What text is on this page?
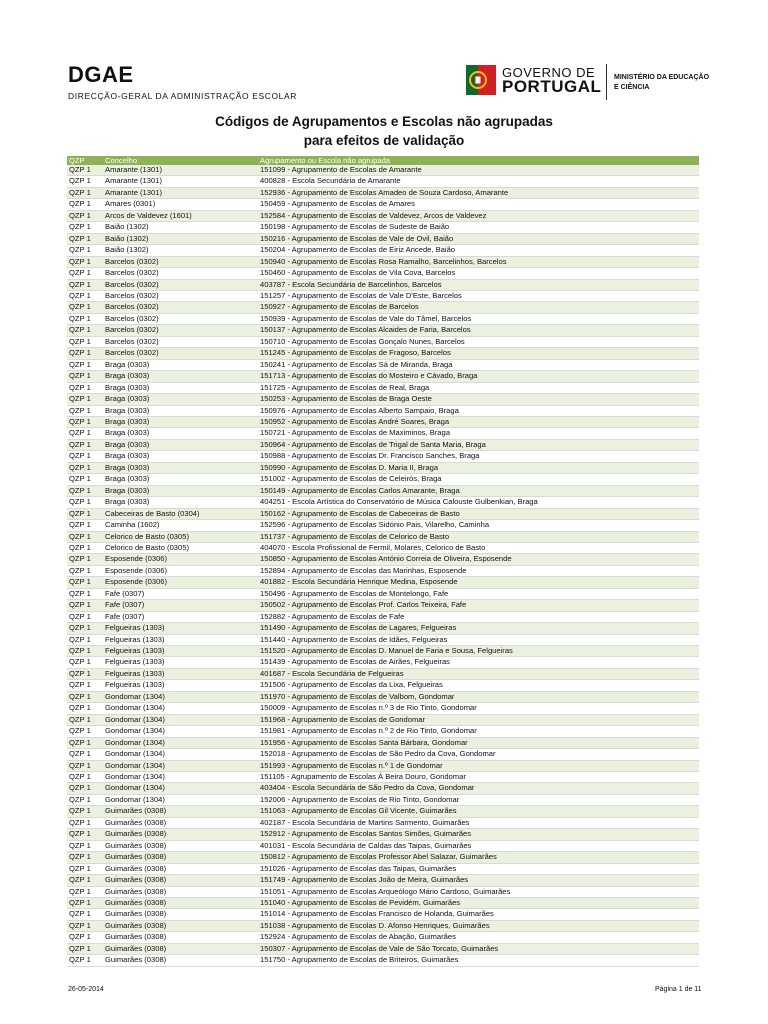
DGAE
DIRECÇÃO-GERAL DA ADMINISTRAÇÃO ESCOLAR
GOVERNO DE
PORTUGAL MINISTÉRIO DA EDUCAÇÃO
E CIÊNCIA
Códigos de Agrupamentos e Escolas não agrupadas
para efeitos de validação
QZP	Concelho	Agrupamento ou Escola não agrupada
QZP 1	Amarante (1301)	151099 - Agrupamento de Escolas de Amarante
QZP 1	Amarante (1301)	400828 - Escola Secundária de Amarante
QZP 1	Amarante (1301)	152936 - Agrupamento de Escolas Amadeo de Souza Cardoso, Amarante
QZP 1	Amares (0301)	150459 - Agrupamento de Escolas de Amares
QZP 1	Arcos de Valdevez (1601)	152584 - Agrupamento de Escolas de Valdevez, Arcos de Valdevez
QZP 1	Baião (1302)	150198 - Agrupamento de Escolas de Sudeste de Baião
QZP 1	Baião (1302)	150216 - Agrupamento de Escolas de Vale de Ovil, Baião
QZP 1	Baião (1302)	150204 - Agrupamento de Escolas de Eiriz Ancede, Baião
QZP 1	Barcelos (0302)	150940 - Agrupamento de Escolas Rosa Ramalho, Barcelinhos, Barcelos
QZP 1	Barcelos (0302)	150460 - Agrupamento de Escolas de Vila Cova, Barcelos
QZP 1	Barcelos (0302)	403787 - Escola Secundária de Barcelinhos, Barcelos
QZP 1	Barcelos (0302)	151257 - Agrupamento de Escolas de Vale D'Este, Barcelos
QZP 1	Barcelos (0302)	150927 - Agrupamento de Escolas de Barcelos
QZP 1	Barcelos (0302)	150939 - Agrupamento de Escolas de Vale do Tâmel, Barcelos
QZP 1	Barcelos (0302)	150137 - Agrupamento de Escolas Alcaides de Faria, Barcelos
QZP 1	Barcelos (0302)	150710 - Agrupamento de Escolas Gonçalo Nunes, Barcelos
QZP 1	Barcelos (0302)	151245 - Agrupamento de Escolas de Fragoso, Barcelos
QZP 1	Braga (0303)	150241 - Agrupamento de Escolas Sá de Miranda, Braga
QZP 1	Braga (0303)	151713 - Agrupamento de Escolas do Mosteiro e Cávado, Braga
QZP 1	Braga (0303)	151725 - Agrupamento de Escolas de Real, Braga
QZP 1	Braga (0303)	150253 - Agrupamento de Escolas de Braga Oeste
QZP 1	Braga (0303)	150976 - Agrupamento de Escolas Alberto Sampaio, Braga
QZP 1	Braga (0303)	150952 - Agrupamento de Escolas André Soares, Braga
QZP 1	Braga (0303)	150721 - Agrupamento de Escolas de Maximinos, Braga
QZP 1	Braga (0303)	150964 - Agrupamento de Escolas de Trigal de Santa Maria, Braga
QZP 1	Braga (0303)	150988 - Agrupamento de Escolas Dr. Francisco Sanches, Braga
QZP 1	Braga (0303)	150990 - Agrupamento de Escolas D. Maria II, Braga
QZP 1	Braga (0303)	151002 - Agrupamento de Escolas de Celeirós, Braga
QZP 1	Braga (0303)	150149 - Agrupamento de Escolas Carlos Amarante, Braga
QZP 1	Braga (0303)	404251 - Escola Artística do Conservatório de Música Calouste Gulbenkian, Braga
QZP 1	Cabeceiras de Basto (0304)	150162 - Agrupamento de Escolas de Cabeceiras de Basto
QZP 1	Caminha (1602)	152596 - Agrupamento de Escolas Sidónio Pais, Vilarelho, Caminha
QZP 1	Celorico de Basto (0305)	151737 - Agrupamento de Escolas de Celorico de Basto
QZP 1	Celorico de Basto (0305)	404070 - Escola Profissional de Fermil, Molares, Celorico de Basto
QZP 1	Esposende (0306)	150850 - Agrupamento de Escolas António Correia de Oliveira, Esposende
QZP 1	Esposende (0306)	152894 - Agrupamento de Escolas das Marinhas, Esposende
QZP 1	Esposende (0306)	401882 - Escola Secundária Henrique Medina, Esposende
QZP 1	Fafe (0307)	150496 - Agrupamento de Escolas de Montelongo, Fafe
QZP 1	Fafe (0307)	150502 - Agrupamento de Escolas Prof. Carlos Teixeira, Fafe
QZP 1	Fafe (0307)	152882 - Agrupamento de Escolas de Fafe
QZP 1	Felgueiras (1303)	151490 - Agrupamento de Escolas de Lagares, Felgueiras
QZP 1	Felgueiras (1303)	151440 - Agrupamento de Escolas de Idães, Felgueiras
QZP 1	Felgueiras (1303)	151520 - Agrupamento de Escolas D. Manuel de Faria e Sousa, Felgueiras
QZP 1	Felgueiras (1303)	151439 - Agrupamento de Escolas de Airães, Felgueiras
QZP 1	Felgueiras (1303)	401687 - Escola Secundária de Felgueiras
QZP 1	Felgueiras (1303)	151506 - Agrupamento de Escolas da Lixa, Felgueiras
QZP 1	Gondomar (1304)	151970 - Agrupamento de Escolas de Valbom, Gondomar
QZP 1	Gondomar (1304)	150009 - Agrupamento de Escolas n.º 3 de Rio Tinto, Gondomar
QZP 1	Gondomar (1304)	151968 - Agrupamento de Escolas de Gondomar
QZP 1	Gondomar (1304)	151981 - Agrupamento de Escolas n.º 2 de Rio Tinto, Gondomar
QZP 1	Gondomar (1304)	151956 - Agrupamento de Escolas Santa Bárbara, Gondomar
QZP 1	Gondomar (1304)	152018 - Agrupamento de Escolas de São Pedro da Cova, Gondomar
QZP 1	Gondomar (1304)	151993 - Agrupamento de Escolas n.º 1 de Gondomar
QZP 1	Gondomar (1304)	151105 - Agrupamento de Escolas À Beira Douro, Gondomar
QZP 1	Gondomar (1304)	403404 - Escola Secundária de São Pedro da Cova, Gondomar
QZP 1	Gondomar (1304)	152006 - Agrupamento de Escolas de Rio Tinto, Gondomar
QZP 1	Guimarães (0308)	151063 - Agrupamento de Escolas Gil Vicente, Guimarães
QZP 1	Guimarães (0308)	402187 - Escola Secundária de Martins Sarmento, Guimarães
QZP 1	Guimarães (0308)	152912 - Agrupamento de Escolas Santos Simões, Guimarães
QZP 1	Guimarães (0308)	401031 - Escola Secundária de Caldas das Taipas, Guimarães
QZP 1	Guimarães (0308)	150812 - Agrupamento de Escolas Professor Abel Salazar, Guimarães
QZP 1	Guimarães (0308)	151026 - Agrupamento de Escolas das Taipas, Guimarães
QZP 1	Guimarães (0308)	151749 - Agrupamento de Escolas João de Meira, Guimarães
QZP 1	Guimarães (0308)	151051 - Agrupamento de Escolas Arqueólogo Mário Cardoso, Guimarães
QZP 1	Guimarães (0308)	151040 - Agrupamento de Escolas de Pevidém, Guimarães
QZP 1	Guimarães (0308)	151014 - Agrupamento de Escolas Francisco de Holanda, Guimarães
QZP 1	Guimarães (0308)	151038 - Agrupamento de Escolas D. Afonso Henriques, Guimarães
QZP 1	Guimarães (0308)	152924 - Agrupamento de Escolas de Abação, Guimarães
QZP 1	Guimarães (0308)	150307 - Agrupamento de Escolas de Vale de São Torcato, Guimarães
QZP 1	Guimarães (0308)	151750 - Agrupamento de Escolas de Briteiros, Guimarães
26-05-2014	Página 1 de 11
